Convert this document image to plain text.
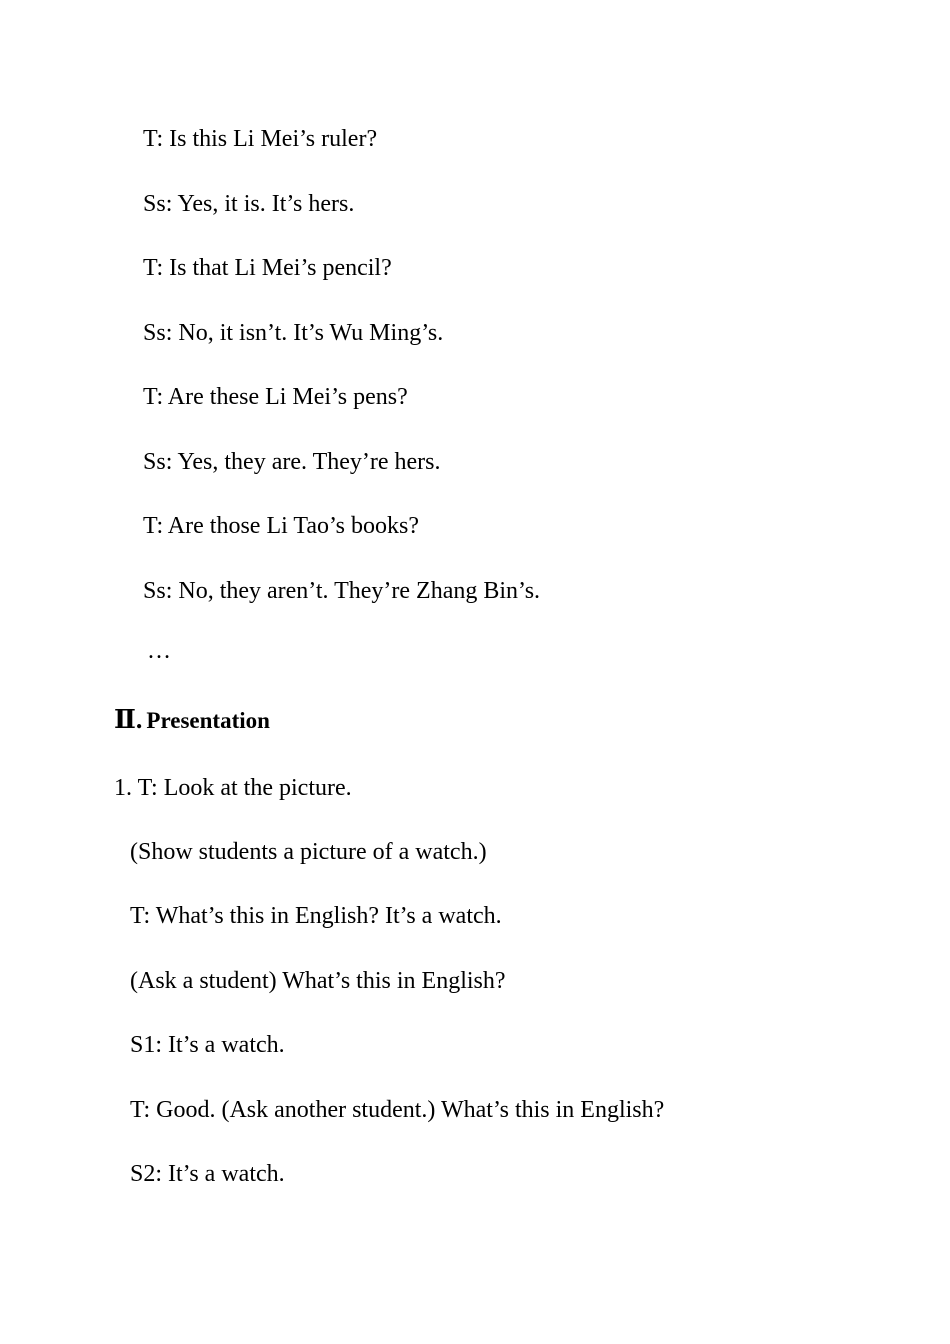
T: Is this Li Mei’s ruler?
Ss: Yes, it is. It’s hers.
T: Is that Li Mei’s pencil?
Ss: No, it isn’t. It’s Wu Ming’s.
T: Are these Li Mei’s pens?
Ss: Yes, they are. They’re hers.
T: Are those Li Tao’s books?
Ss: No, they aren’t. They’re Zhang Bin’s.
…
Ⅱ. Presentation
1. T: Look at the picture.
(Show students a picture of a watch.)
T: What’s this in English? It’s a watch.
(Ask a student) What’s this in English?
S1: It’s a watch.
T: Good. (Ask another student.) What’s this in English?
S2: It’s a watch.
